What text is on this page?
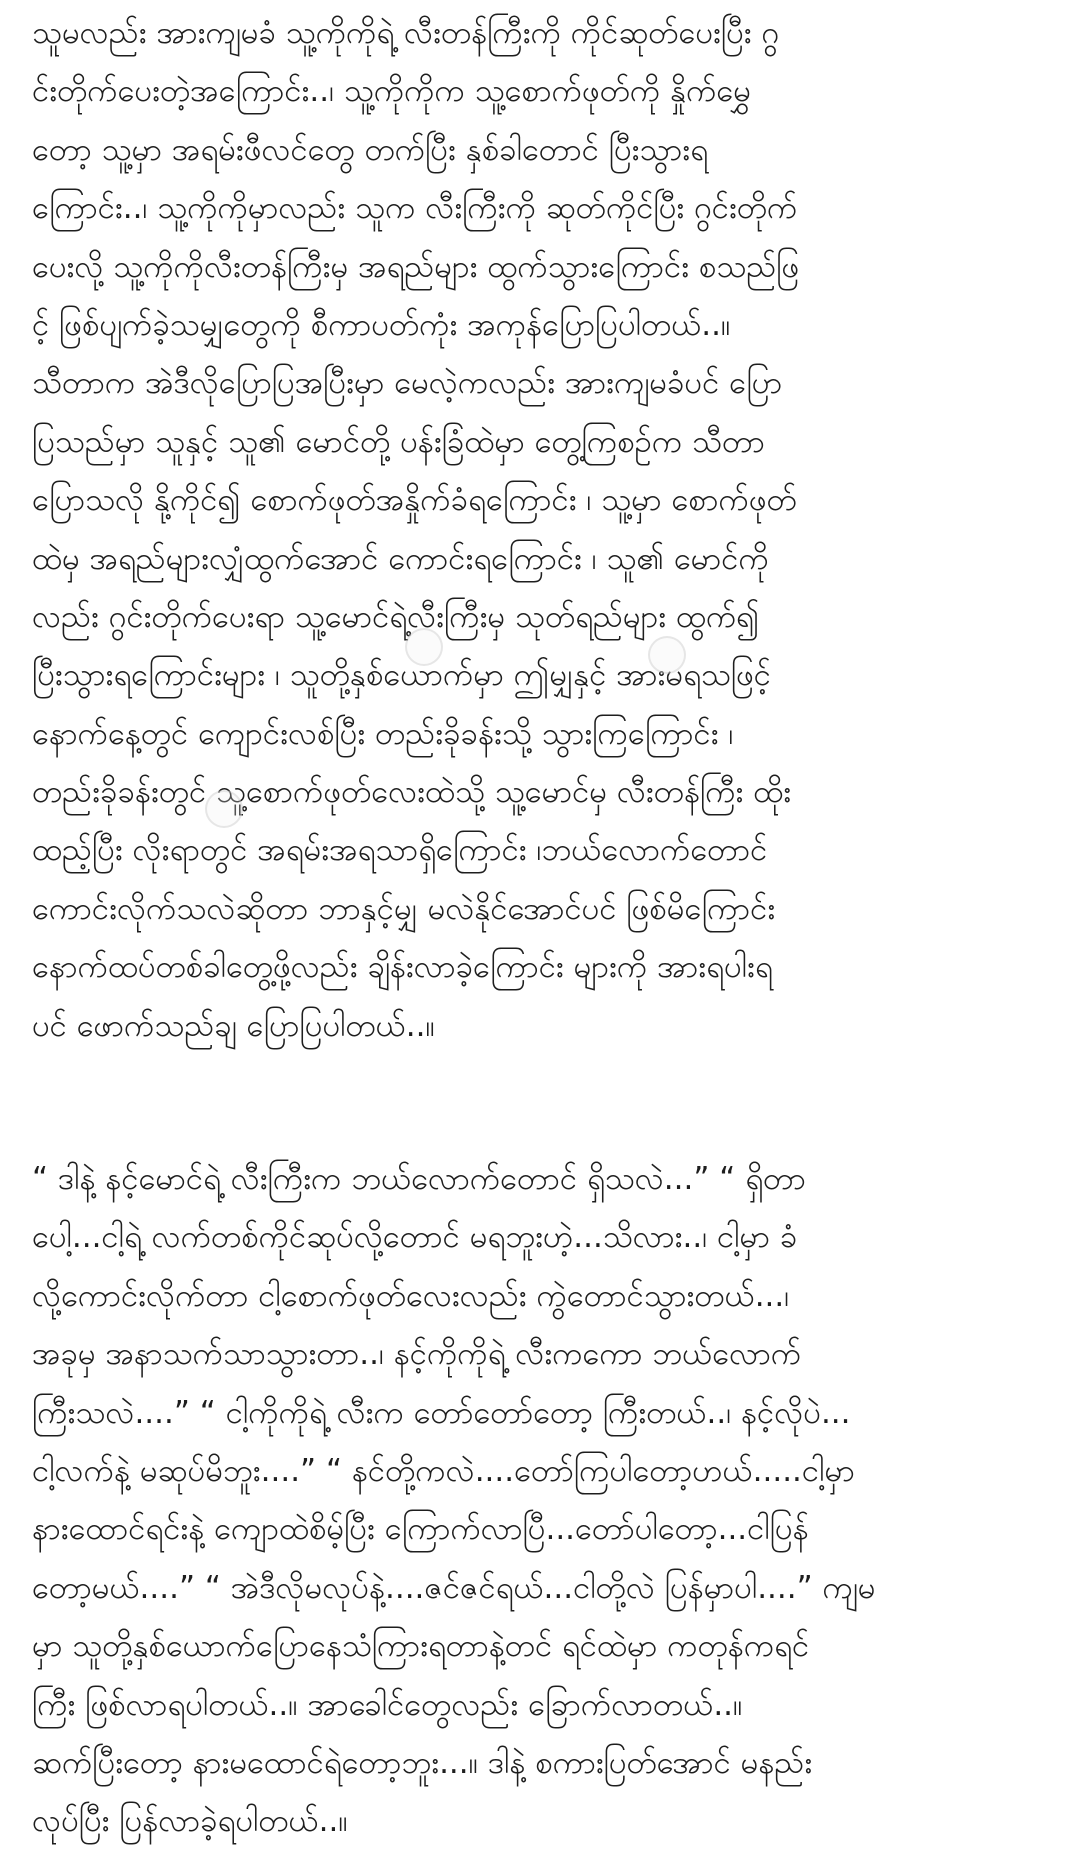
သူမလည်း အားကျမခံ သူ့ကိုကိုရဲ့ လီးတန်ကြီးကို ကိုင်ဆုတ်ပေးပြီး ဂွ
င်းတိုက်ပေးတဲ့အကြောင်း..၊ သူ့ကိုကိုက သူ့စောက်ဖုတ်ကို နှိုက်မွှေ
တော့ သူ့မှာ အရမ်းဖီလင်တွေ တက်ပြီး နှစ်ခါတောင် ပြီးသွားရ
ကြောင်း..၊ သူ့ကိုကိုမှာလည်း သူက လီးကြီးကို ဆုတ်ကိုင်ပြီး ဂွင်းတိုက်
ပေးလို့ သူ့ကိုကိုလီးတန်ကြီးမှ အရည်များ ထွက်သွားကြောင်း စသည်ဖြ
င့် ဖြစ်ပျက်ခဲ့သမျှတွေကို စီကာပတ်ကုံး အကုန်ပြောပြပါတယ်..။
သီတာက အဲဒီလိုပြောပြအပြီးမှာ မေလဲ့ကလည်း အားကျမခံပင် ပြော
ပြသည်မှာ သူနှင့် သူ၏ မောင်တို့ ပန်းခြံထဲမှာ တွေ့ကြစဉ်က သီတာ
ပြောသလို နို့ကိုင်၍ စောက်ဖုတ်အနှိုက်ခံရကြောင်း ၊ သူ့မှာ စောက်ဖုတ်
ထဲမှ အရည်များလျှံထွက်အောင် ကောင်းရကြောင်း ၊ သူ၏ မောင်ကို
လည်း ဂွင်းတိုက်ပေးရာ သူ့မောင်ရဲ့လီးကြီးမှ သုတ်ရည်များ ထွက်၍
ပြီးသွားရကြောင်းများ ၊ သူတို့နှစ်ယောက်မှာ ဤမျှနှင့် အားမရသဖြင့်
နောက်နေ့တွင် ကျောင်းလစ်ပြီး တည်းခိုခန်းသို့ သွားကြကြောင်း ၊
တည်းခိုခန်းတွင် သူ့စောက်ဖုတ်လေးထဲသို့ သူ့မောင်မှ လီးတန်ကြီး ထိုး
ထည့်ပြီး လိုးရာတွင် အရမ်းအရသာရှိကြောင်း ၊ဘယ်လောက်တောင်
ကောင်းလိုက်သလဲဆိုတာ ဘာနှင့်မျှ မလဲနိုင်အောင်ပင် ဖြစ်မိကြောင်း
နောက်ထပ်တစ်ခါတွေ့ဖို့လည်း ချိန်းလာခဲ့ကြောင်း များကို အားရပါးရ
ပင် ဖောက်သည်ချ ပြောပြပါတယ်..။
“ ဒါနဲ့ နင့်မောင်ရဲ့ လီးကြီးက ဘယ်လောက်တောင် ရှိသလဲ...” “ ရှိတာ
ပေါ့...ငါ့ရဲ့ လက်တစ်ကိုင်ဆုပ်လို့တောင် မရဘူးဟဲ့...သိလား..၊ ငါ့မှာ ခံ
လို့ကောင်းလိုက်တာ ငါ့စောက်ဖုတ်လေးလည်း ကွဲတောင်သွားတယ်...၊
အခုမှ အနာသက်သာသွားတာ..၊ နင့်ကိုကိုရဲ့ လီးကကော ဘယ်လောက်
ကြီးသလဲ....” “ ငါ့ကိုကိုရဲ့ လီးက တော်တော်တော့ ကြီးတယ်..၊ နင့်လိုပဲ...
ငါ့လက်နဲ့ မဆုပ်မိဘူး....” “ နင်တို့ကလဲ....တော်ကြပါတော့ဟယ်.....ငါ့မှာ
နားထောင်ရင်းနဲ့ ကျောထဲစိမ့်ပြီး ကြောက်လာပြီ...တော်ပါတော့...ငါပြန်
တော့မယ်....” “ အဲဒီလိုမလုပ်နဲ့....ဇင်ဇင်ရယ်...ငါတို့လဲ ပြန်မှာပါ....” ကျမ
မှာ သူတို့နှစ်ယောက်ပြောနေသံကြားရတာနဲ့တင် ရင်ထဲမှာ ကတုန်ကရင်
ကြီး ဖြစ်လာရပါတယ်..။ အာခေါင်တွေလည်း ခြောက်လာတယ်..။
ဆက်ပြီးတော့ နားမထောင်ရဲတော့ဘူး...။ ဒါနဲ့ စကားပြတ်အောင် မနည်း
လုပ်ပြီး ပြန်လာခဲ့ရပါတယ်..။
